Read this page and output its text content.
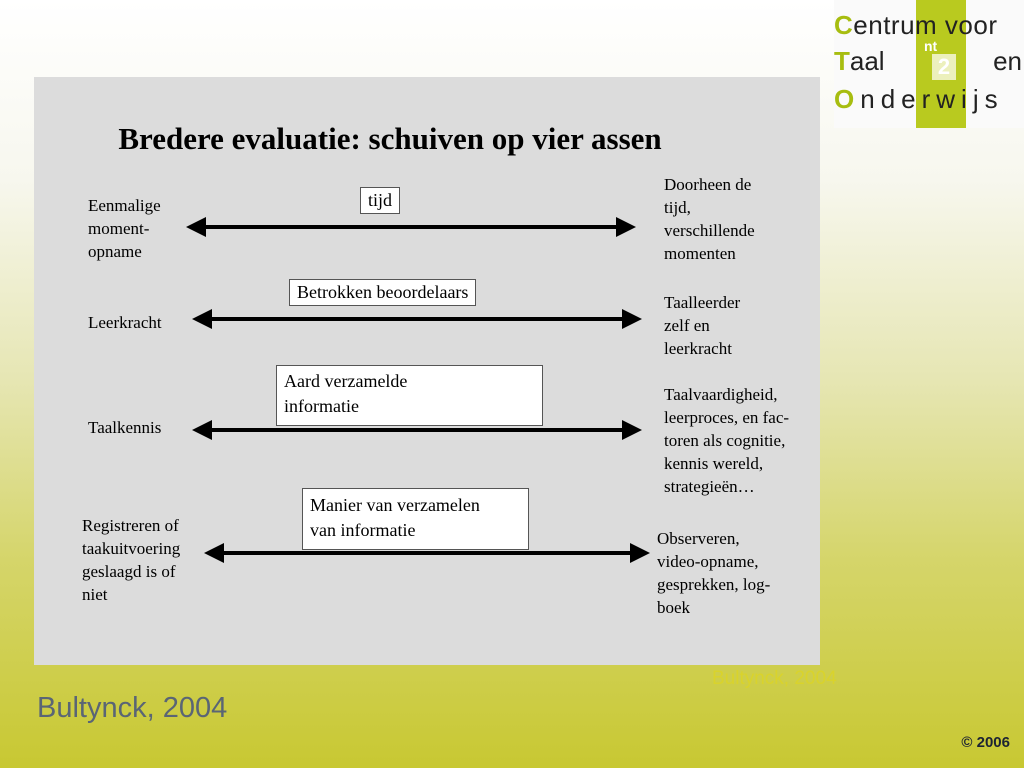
Centrum voor
Taal	en
Onderwijs
2
nt
Bredere evaluatie: schuiven op vier assen
tijd
Eenmalige
moment-
opname
Doorheen de
tijd,
verschillende
momenten
Betrokken beoordelaars
Leerkracht
Taalleerder
zelf en
leerkracht
Aard verzamelde
informatie
Taalkennis
Taalvaardigheid,
leerproces, en fac-
toren als cognitie,
kennis wereld,
strategieën…
Manier van verzamelen
van informatie
Registreren of
taakuitvoering
geslaagd is of
niet
Observeren,
video-opname,
gesprekken, log-
boek
Bultynck, 2004
Bultynck, 2004
© 2006
